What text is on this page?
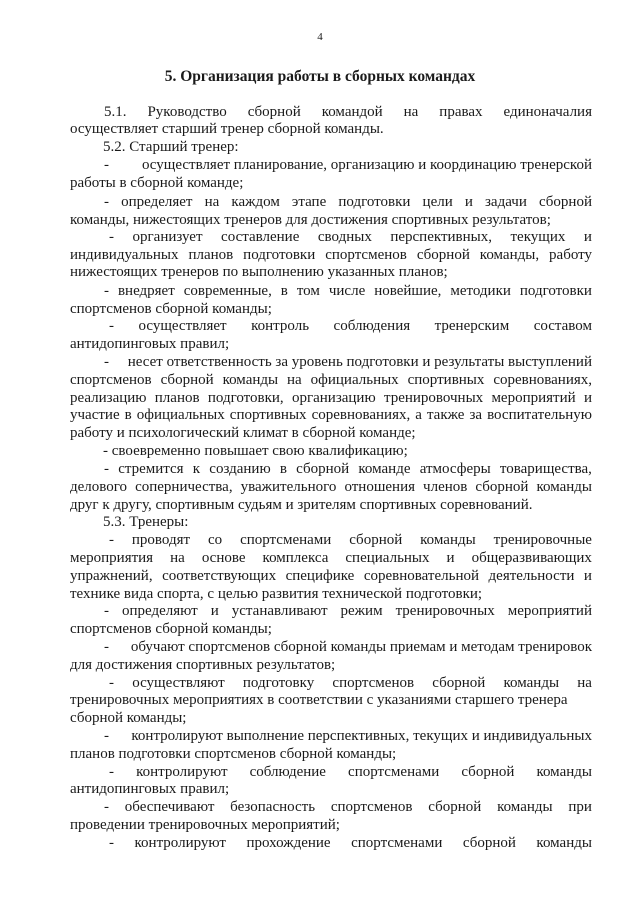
4
5. Организация работы в сборных командах
5.1. Руководство сборной командой на правах единоначалия
осуществляет старший тренер сборной команды.
5.2. Старший тренер:
- осуществляет планирование, организацию и координацию тренерской
работы в сборной команде;
- определяет на каждом этапе подготовки цели и задачи сборной
команды, нижестоящих тренеров для достижения спортивных результатов;
- организует составление сводных перспективных, текущих и
индивидуальных планов подготовки спортсменов сборной команды, работу
нижестоящих тренеров по выполнению указанных планов;
- внедряет современные, в том числе новейшие, методики подготовки
спортсменов сборной команды;
- осуществляет контроль соблюдения тренерским составом
антидопинговых правил;
- несет ответственность за уровень подготовки и результаты выступлений
спортсменов сборной команды на официальных спортивных соревнованиях,
реализацию планов подготовки, организацию тренировочных мероприятий и
участие в официальных спортивных соревнованиях, а также за воспитательную
работу и психологический климат в сборной команде;
- своевременно повышает свою квалификацию;
- стремится к созданию в сборной команде атмосферы товарищества,
делового соперничества, уважительного отношения членов сборной команды
друг к другу, спортивным судьям и зрителям спортивных соревнований.
5.3. Тренеры:
- проводят со спортсменами сборной команды тренировочные
мероприятия на основе комплекса специальных и общеразвивающих
упражнений, соответствующих специфике соревновательной деятельности и
технике вида спорта, с целью развития технической подготовки;
- определяют и устанавливают режим тренировочных мероприятий
спортсменов сборной команды;
- обучают спортсменов сборной команды приемам и методам тренировок
для достижения спортивных результатов;
- осуществляют подготовку спортсменов сборной команды на
тренировочных мероприятиях в соответствии с указаниями старшего тренера
сборной команды;
- контролируют выполнение перспективных, текущих и индивидуальных
планов подготовки спортсменов сборной команды;
- контролируют соблюдение спортсменами сборной команды
антидопинговых правил;
- обеспечивают безопасность спортсменов сборной команды при
проведении тренировочных мероприятий;
- контролируют прохождение спортсменами сборной команды
